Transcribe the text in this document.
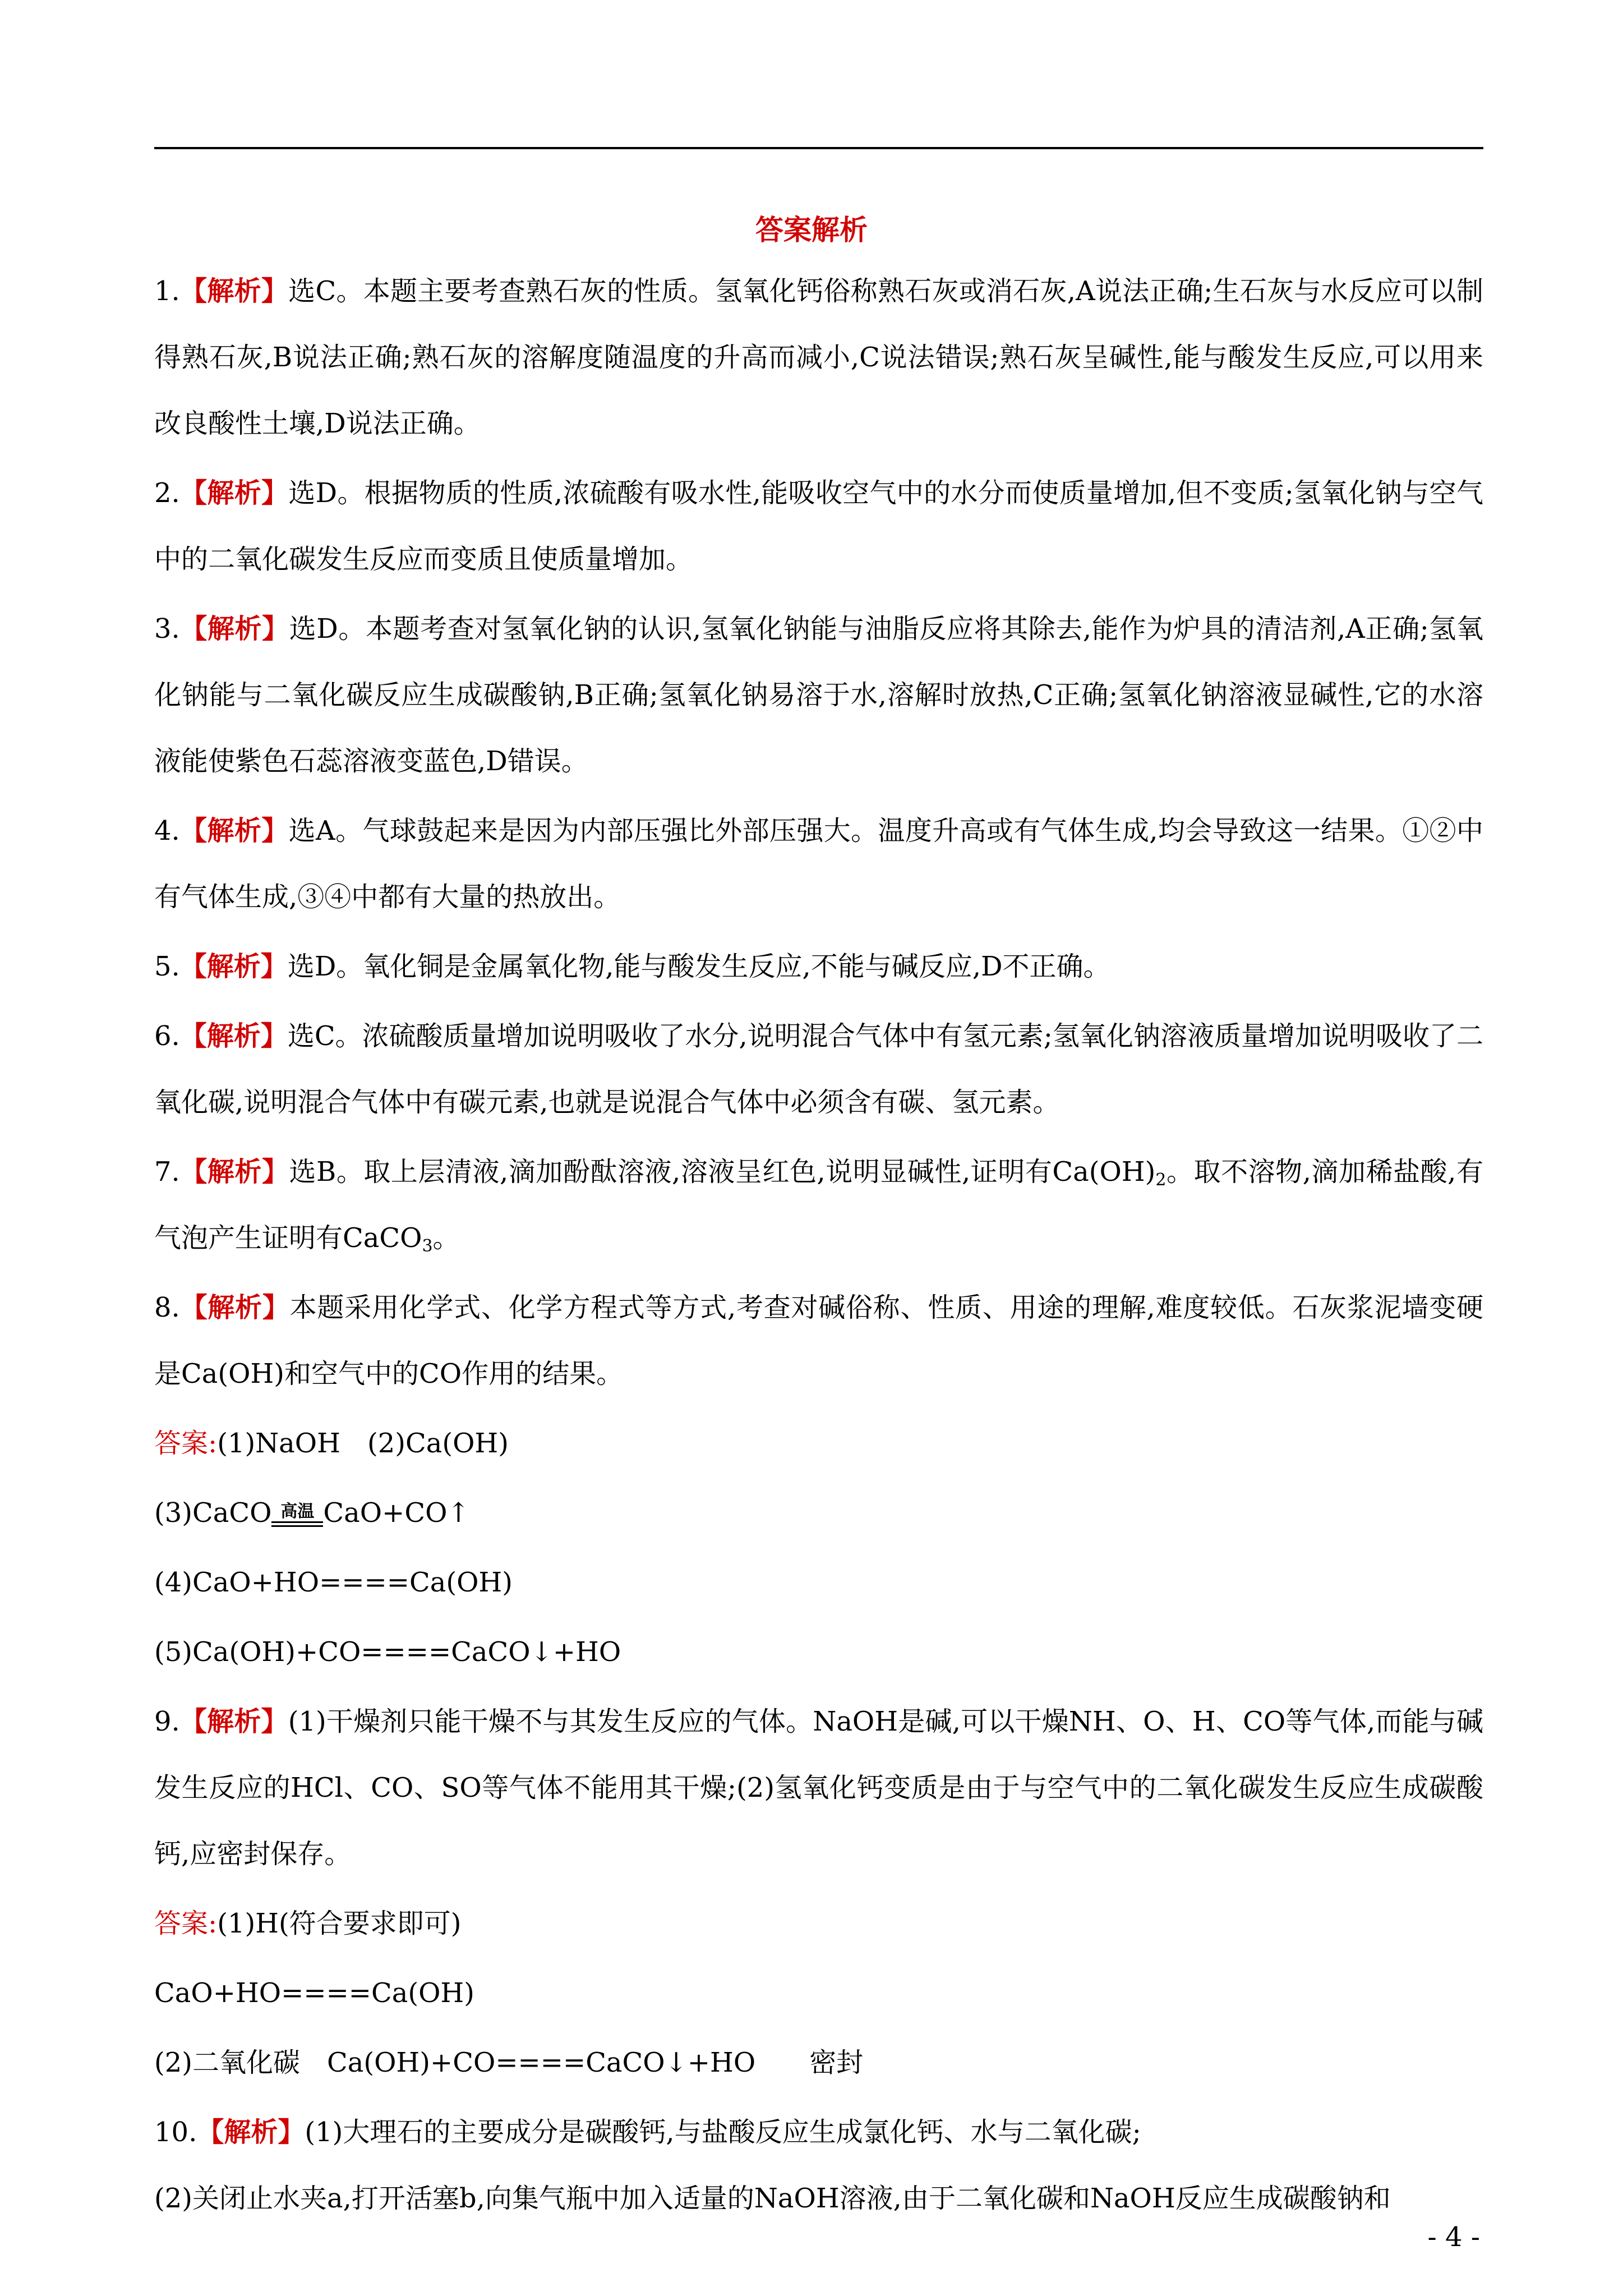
答案解析

1.【解析】选C。本题主要考查熟石灰的性质。氢氧化钙俗称熟石灰或消石灰,A说法正确;生石灰与水反应可以制得熟石灰,B说法正确;熟石灰的溶解度随温度的升高而减小,C说法错误;熟石灰呈碱性,能与酸发生反应,可以用来改良酸性土壤,D说法正确。

2.【解析】选D。根据物质的性质,浓硫酸有吸水性,能吸收空气中的水分而使质量增加,但不变质;氢氧化钠与空气中的二氧化碳发生反应而变质且使质量增加。

3.【解析】选D。本题考查对氢氧化钠的认识,氢氧化钠能与油脂反应将其除去,能作为炉具的清洁剂,A正确;氢氧化钠能与二氧化碳反应生成碳酸钠,B正确;氢氧化钠易溶于水,溶解时放热,C正确;氢氧化钠溶液显碱性,它的水溶液能使紫色石蕊溶液变蓝色,D错误。

4.【解析】选A。气球鼓起来是因为内部压强比外部压强大。温度升高或有气体生成,均会导致这一结果。①②中有气体生成,③④中都有大量的热放出。

5.【解析】选D。氧化铜是金属氧化物,能与酸发生反应,不能与碱反应,D不正确。

6.【解析】选C。浓硫酸质量增加说明吸收了水分,说明混合气体中有氢元素;氢氧化钠溶液质量增加说明吸收了二氧化碳,说明混合气体中有碳元素,也就是说混合气体中必须含有碳、氢元素。

7.【解析】选B。取上层清液,滴加酚酞溶液,溶液呈红色,说明显碱性,证明有$Ca(OH)_2$。取不溶物,滴加稀盐酸,有气泡产生证明有CaCO$_3$。

8.【解析】本题采用化学式、化学方程式等方式,考查对碱俗称、性质、用途的理解,难度较低。石灰浆泥墙变硬是Ca(OH)和空气中的CO作用的结果。

答案:(1)NaOH　(2)Ca(OH)

(3)CaCO 高温 CaO+CO↑

(4)CaO+HO====Ca(OH)

(5)Ca(OH)+CO====CaCO↓+HO

9.【解析】(1)干燥剂只能干燥不与其发生反应的气体。NaOH是碱,可以干燥NH、O、H、CO等气体,而能与碱发生反应的HCl、CO、SO等气体不能用其干燥;(2)氢氧化钙变质是由于与空气中的二氧化碳发生反应生成碳酸钙,应密封保存。

答案:(1)H(符合要求即可)

CaO+HO====Ca(OH)

(2)二氧化碳　Ca(OH)+CO====CaCO↓+HO　　密封

10.【解析】(1)大理石的主要成分是碳酸钙,与盐酸反应生成氯化钙、水与二氧化碳;
(2)关闭止水夹a,打开活塞b,向集气瓶中加入适量的NaOH溶液,由于二氧化碳和NaOH反应生成碳酸钠和

- 4 -
